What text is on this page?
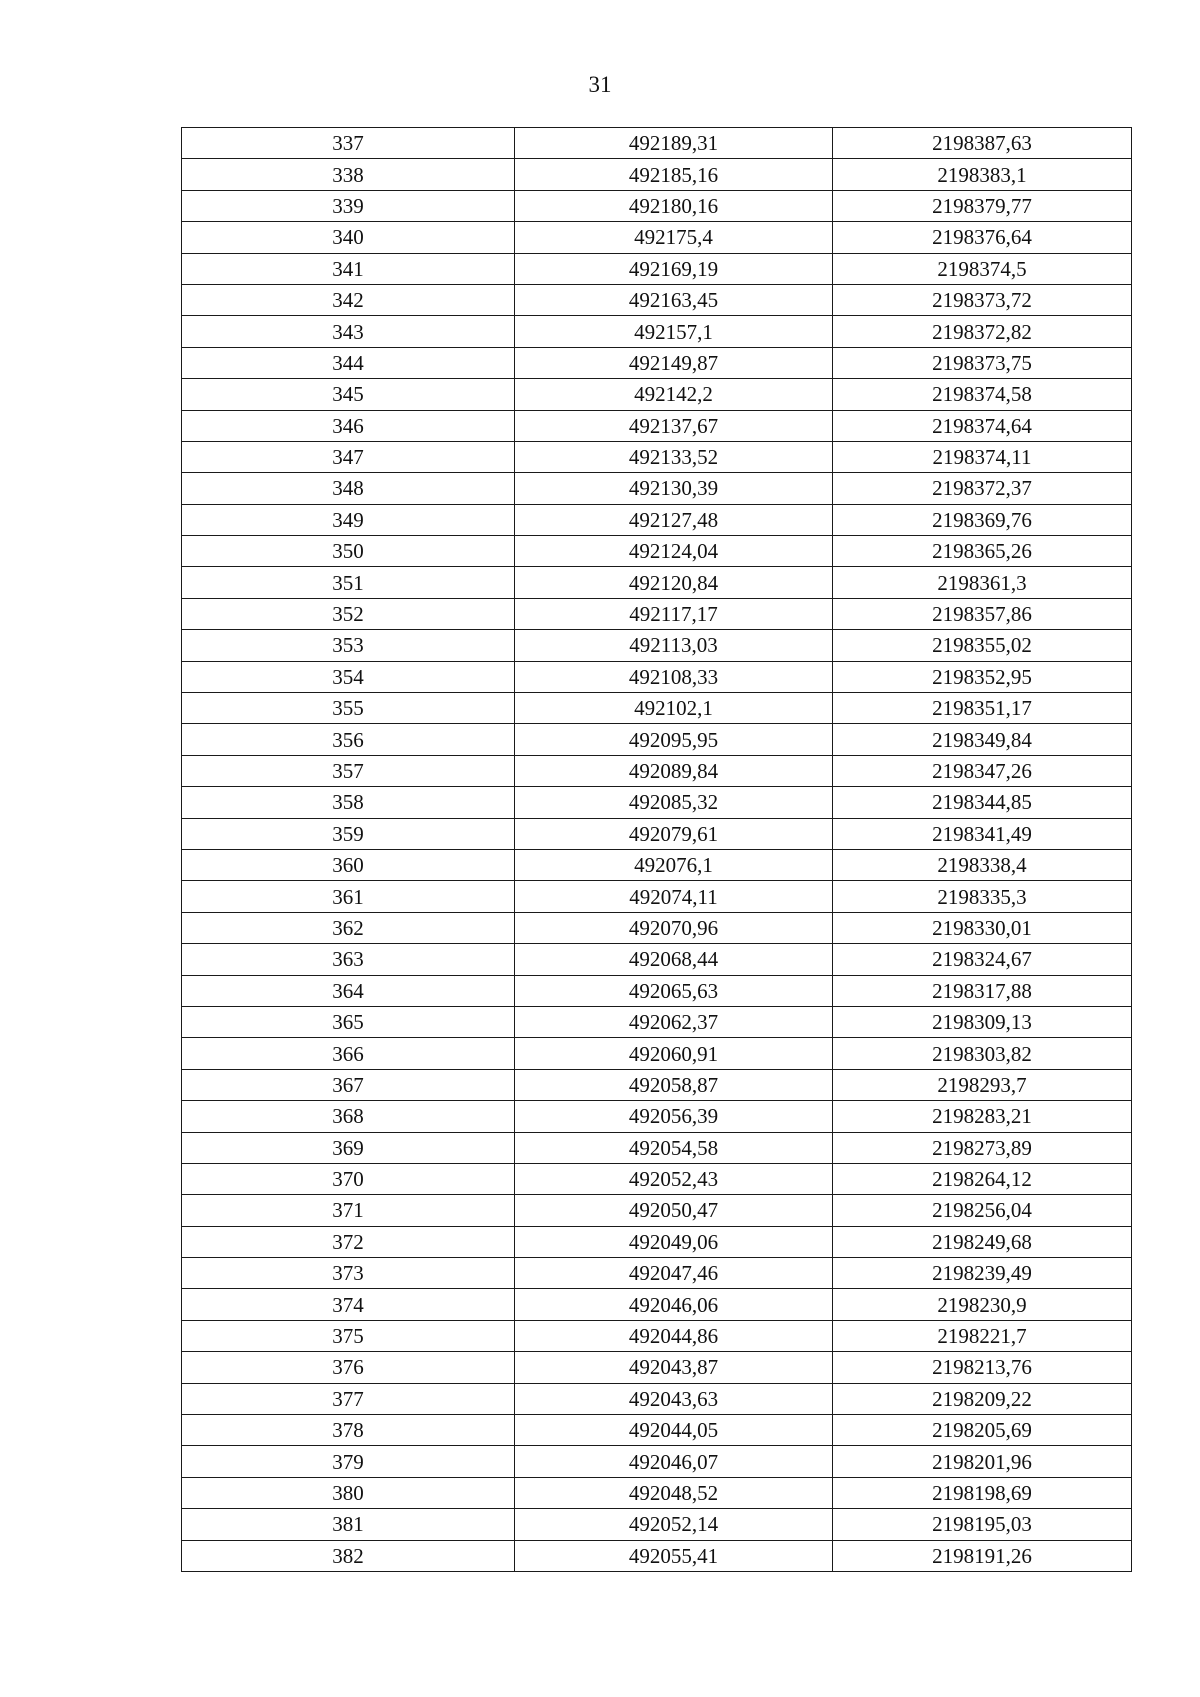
31
337	492189,31	2198387,63
338	492185,16	2198383,1
339	492180,16	2198379,77
340	492175,4	2198376,64
341	492169,19	2198374,5
342	492163,45	2198373,72
343	492157,1	2198372,82
344	492149,87	2198373,75
345	492142,2	2198374,58
346	492137,67	2198374,64
347	492133,52	2198374,11
348	492130,39	2198372,37
349	492127,48	2198369,76
350	492124,04	2198365,26
351	492120,84	2198361,3
352	492117,17	2198357,86
353	492113,03	2198355,02
354	492108,33	2198352,95
355	492102,1	2198351,17
356	492095,95	2198349,84
357	492089,84	2198347,26
358	492085,32	2198344,85
359	492079,61	2198341,49
360	492076,1	2198338,4
361	492074,11	2198335,3
362	492070,96	2198330,01
363	492068,44	2198324,67
364	492065,63	2198317,88
365	492062,37	2198309,13
366	492060,91	2198303,82
367	492058,87	2198293,7
368	492056,39	2198283,21
369	492054,58	2198273,89
370	492052,43	2198264,12
371	492050,47	2198256,04
372	492049,06	2198249,68
373	492047,46	2198239,49
374	492046,06	2198230,9
375	492044,86	2198221,7
376	492043,87	2198213,76
377	492043,63	2198209,22
378	492044,05	2198205,69
379	492046,07	2198201,96
380	492048,52	2198198,69
381	492052,14	2198195,03
382	492055,41	2198191,26
